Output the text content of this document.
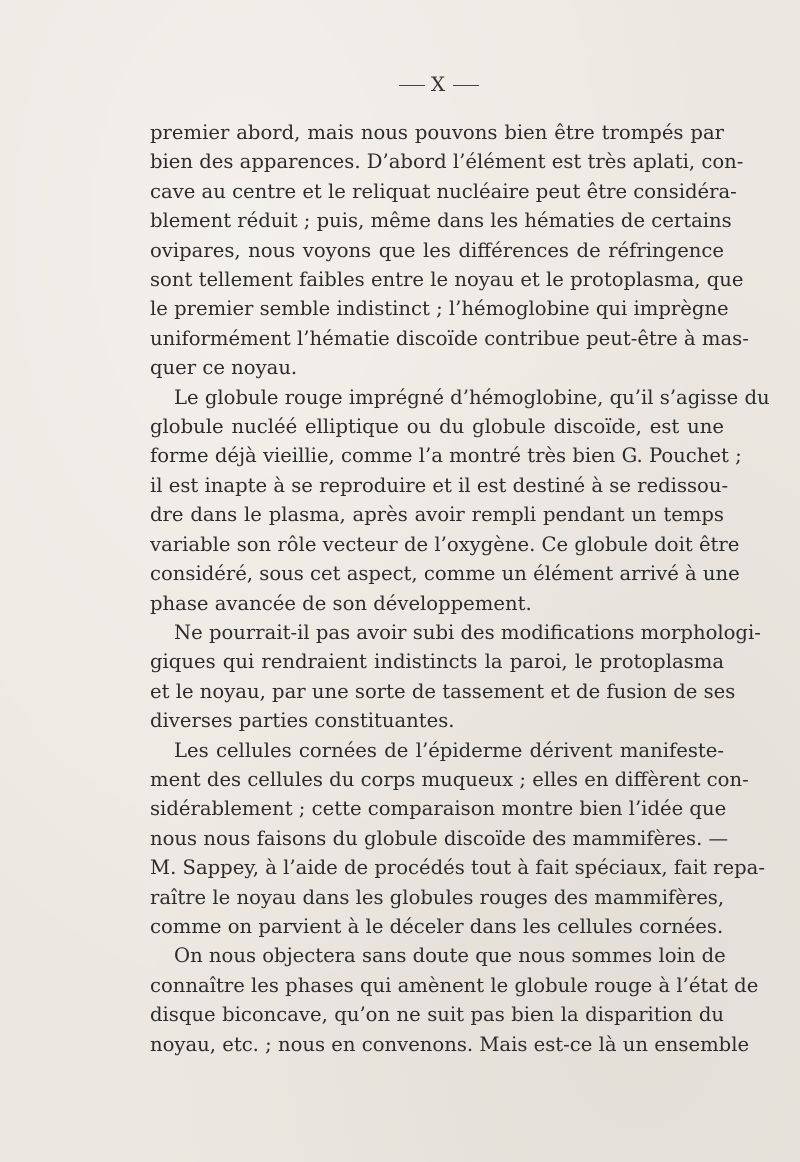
X
premier abord, mais nous pouvons bien être trompés par
bien des apparences. D’abord l’élément est très aplati, con-
cave au centre et le reliquat nucléaire peut être considéra-
blement réduit ; puis, même dans les hématies de certains
ovipares, nous voyons que les différences de réfringence
sont tellement faibles entre le noyau et le protoplasma, que
le premier semble indistinct ; l’hémoglobine qui imprègne
uniformément l’hématie discoïde contribue peut-être à mas-
quer ce noyau.
Le globule rouge imprégné d’hémoglobine, qu’il s’agisse du
globule nucléé elliptique ou du globule discoïde, est une
forme déjà vieillie, comme l’a montré très bien G. Pouchet ;
il est inapte à se reproduire et il est destiné à se redissou-
dre dans le plasma, après avoir rempli pendant un temps
variable son rôle vecteur de l’oxygène. Ce globule doit être
considéré, sous cet aspect, comme un élément arrivé à une
phase avancée de son développement.
Ne pourrait-il pas avoir subi des modifications morphologi-
giques qui rendraient indistincts la paroi, le protoplasma
et le noyau, par une sorte de tassement et de fusion de ses
diverses parties constituantes.
Les cellules cornées de l’épiderme dérivent manifeste-
ment des cellules du corps muqueux ; elles en diffèrent con-
sidérablement ; cette comparaison montre bien l’idée que
nous nous faisons du globule discoïde des mammifères. —
M. Sappey, à l’aide de procédés tout à fait spéciaux, fait repa-
raître le noyau dans les globules rouges des mammifères,
comme on parvient à le déceler dans les cellules cornées.
On nous objectera sans doute que nous sommes loin de
connaître les phases qui amènent le globule rouge à l’état de
disque biconcave, qu’on ne suit pas bien la disparition du
noyau, etc. ; nous en convenons. Mais est-ce là un ensemble
